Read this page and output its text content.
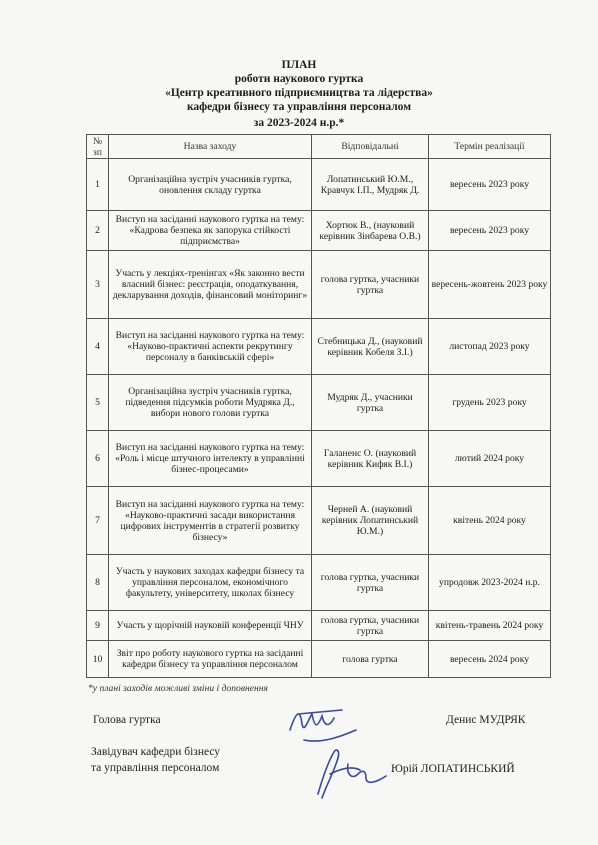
ПЛАН
роботи наукового гуртка
«Центр креативного підприємництва та лідерства»
кафедри бізнесу та управління персоналом
за 2023-2024 н.р.*
№ зп	Назва заходу	Відповідальні	Термін реалізації
1	Організаційна зустріч учасників гуртка, оновлення складу гуртка	Лопатинський Ю.М., Кравчук І.П., Мудряк Д.	вересень 2023 року
2	Виступ на засіданні наукового гуртка на тему: «Кадрова безпека як запорука стійкості підприємства»	Хортюк В., (науковий керівник Зінбарева О.В.)	вересень 2023 року
3	Участь у лекціях-тренінгах «Як законно вести власний бізнес: реєстрація, оподаткування, декларування доходів, фінансовий моніторинг»	голова гуртка, учасники гуртка	вересень-жовтень 2023 року
4	Виступ на засіданні наукового гуртка на тему: «Науково-практичні аспекти рекрутингу персоналу в банківській сфері»	Стебницька Д., (науковий керівник Кобеля З.І.)	листопад 2023 року
5	Організаційна зустріч учасників гуртка, підведення підсумків роботи Мудряка Д., вибори нового голови гуртка	Мудряк Д., учасники гуртка	грудень 2023 року
6	Виступ на засіданні наукового гуртка на тему: «Роль і місце штучного інтелекту в управлінні бізнес-процесами»	Галаненс О. (науковий керівник Кифяк В.І.)	лютий 2024 року
7	Виступ на засіданні наукового гуртка на тему: «Науково-практичні засади використання цифрових інструментів в стратегії розвитку бізнесу»	Черней А. (науковий керівник Лопатинський Ю.М.)	квітень 2024 року
8	Участь у наукових заходах кафедри бізнесу та управління персоналом, економічного факультету, університету, школах бізнесу	голова гуртка, учасники гуртка	упродовж 2023-2024 н.р.
9	Участь у щорічній науковій конференції ЧНУ	голова гуртка, учасники гуртка	квітень-травень 2024 року
10	Звіт про роботу наукового гуртка на засіданні кафедри бізнесу та управління персоналом	голова гуртка	вересень 2024 року
*у плані заходів можливі зміни і доповнення
Голова гуртка	Денис МУДРЯК
Завідувач кафедри бізнесу
та управління персоналом	Юрій ЛОПАТИНСЬКИЙ
